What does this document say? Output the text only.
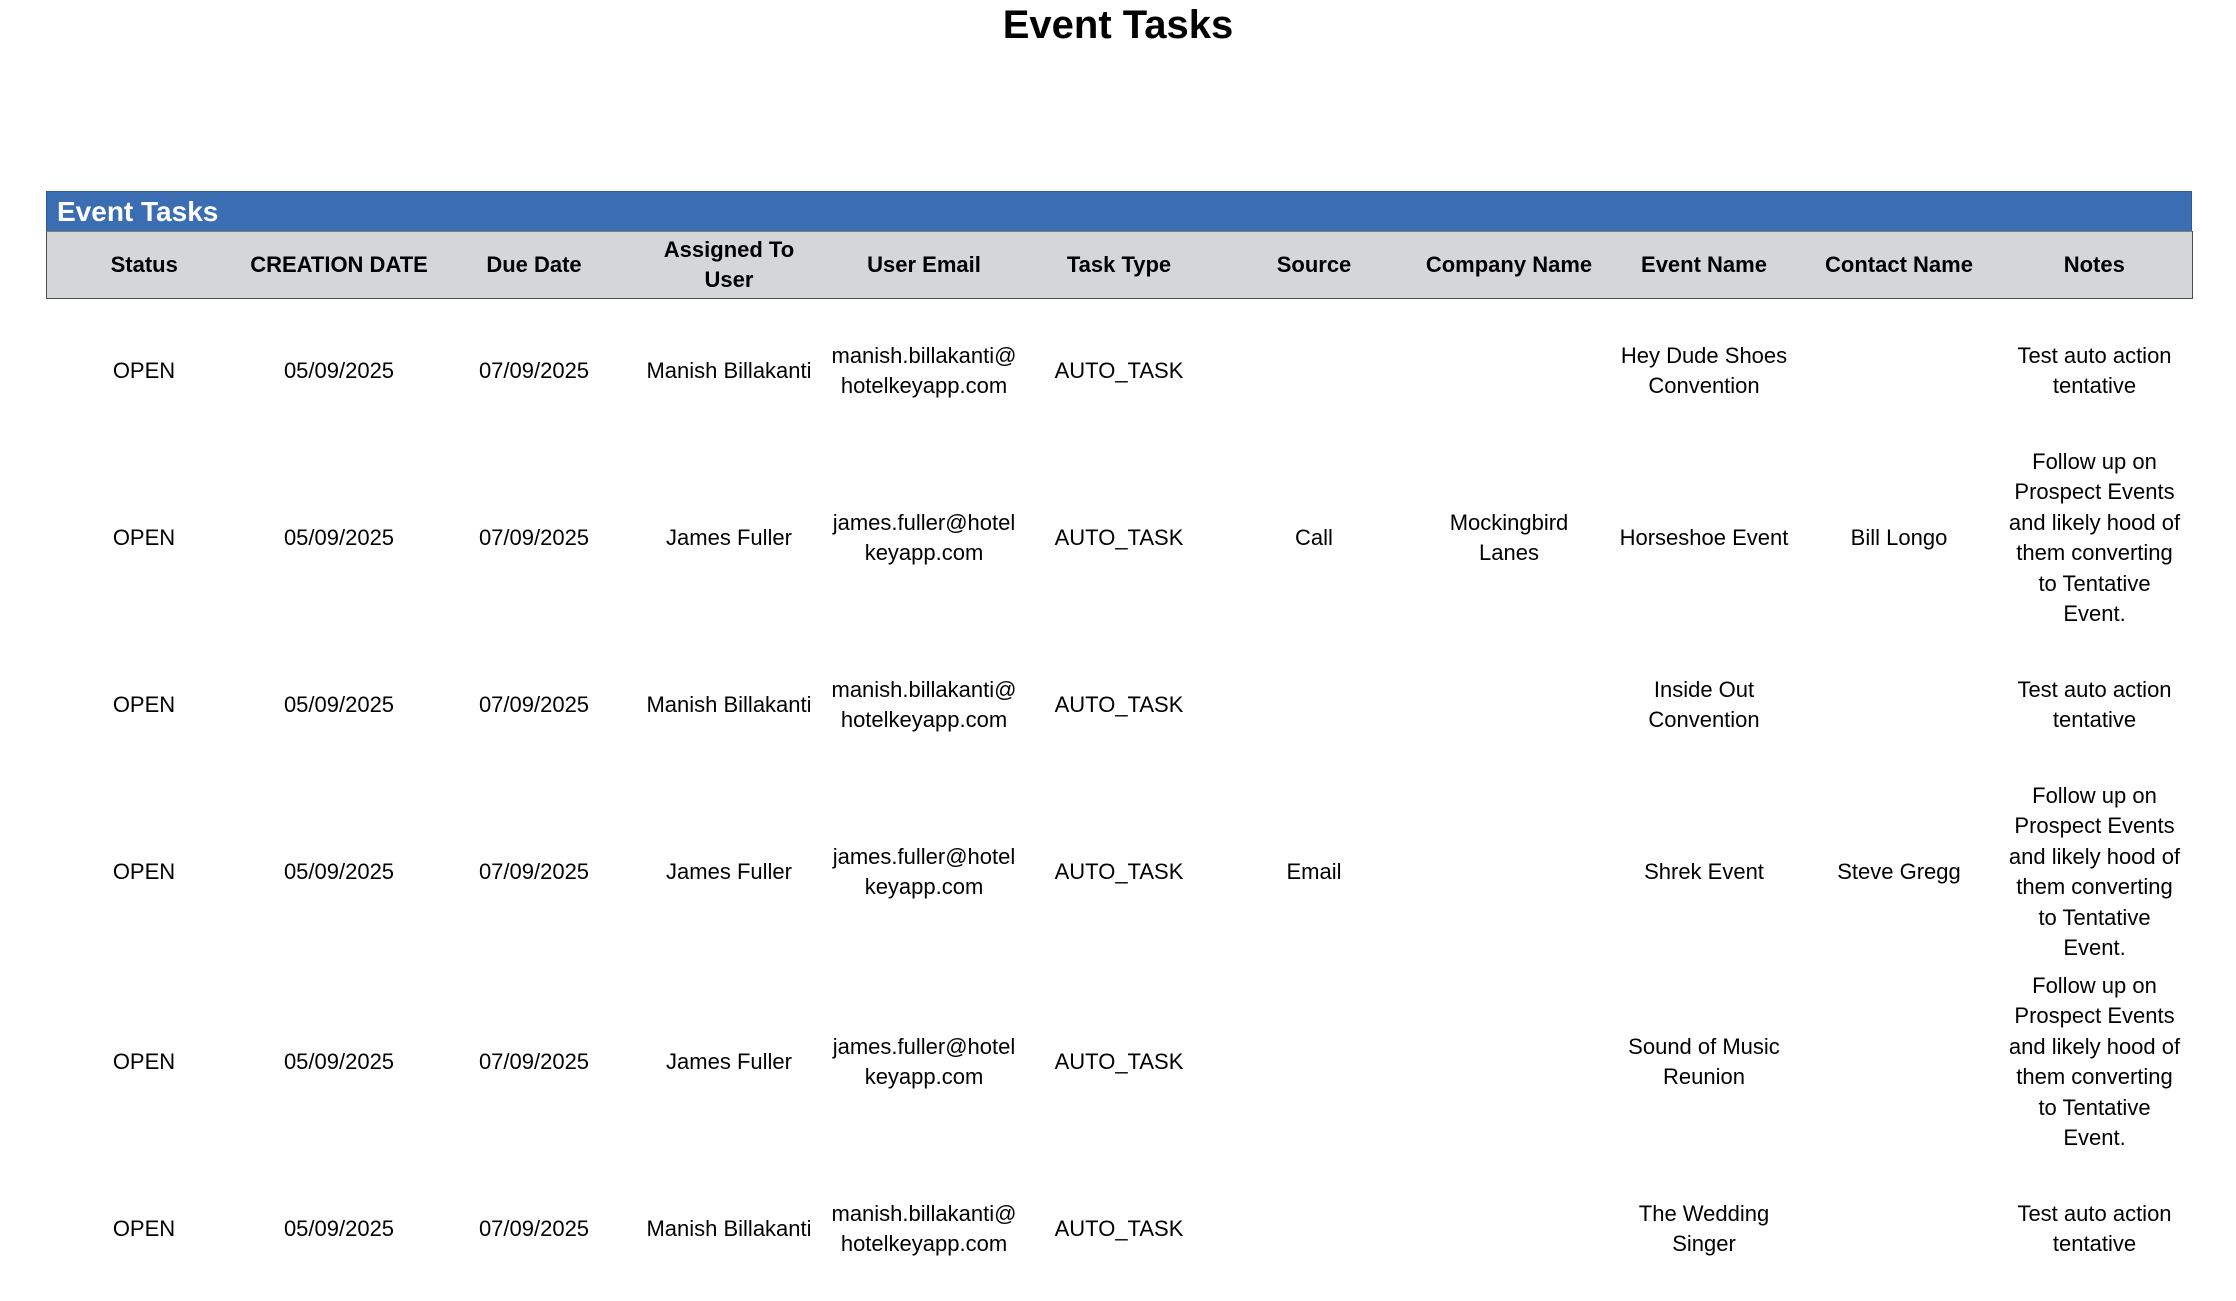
Event Tasks
Event Tasks
Status	CREATION DATE	Due Date	Assigned To User	User Email	Task Type	Source	Company Name	Event Name	Contact Name	Notes
OPEN	05/09/2025	07/09/2025	Manish Billakanti	manish.billakanti@hotelkeyapp.com	AUTO_TASK			Hey Dude Shoes Convention		Test auto action tentative
OPEN	05/09/2025	07/09/2025	James Fuller	james.fuller@hotelkeyapp.com	AUTO_TASK	Call	Mockingbird Lanes	Horseshoe Event	Bill Longo	Follow up on Prospect Events and likely hood of them converting to Tentative Event.
OPEN	05/09/2025	07/09/2025	Manish Billakanti	manish.billakanti@hotelkeyapp.com	AUTO_TASK			Inside Out Convention		Test auto action tentative
OPEN	05/09/2025	07/09/2025	James Fuller	james.fuller@hotelkeyapp.com	AUTO_TASK	Email		Shrek Event	Steve Gregg	Follow up on Prospect Events and likely hood of them converting to Tentative Event.
OPEN	05/09/2025	07/09/2025	James Fuller	james.fuller@hotelkeyapp.com	AUTO_TASK			Sound of Music Reunion		Follow up on Prospect Events and likely hood of them converting to Tentative Event.
OPEN	05/09/2025	07/09/2025	Manish Billakanti	manish.billakanti@hotelkeyapp.com	AUTO_TASK			The Wedding Singer		Test auto action tentative
